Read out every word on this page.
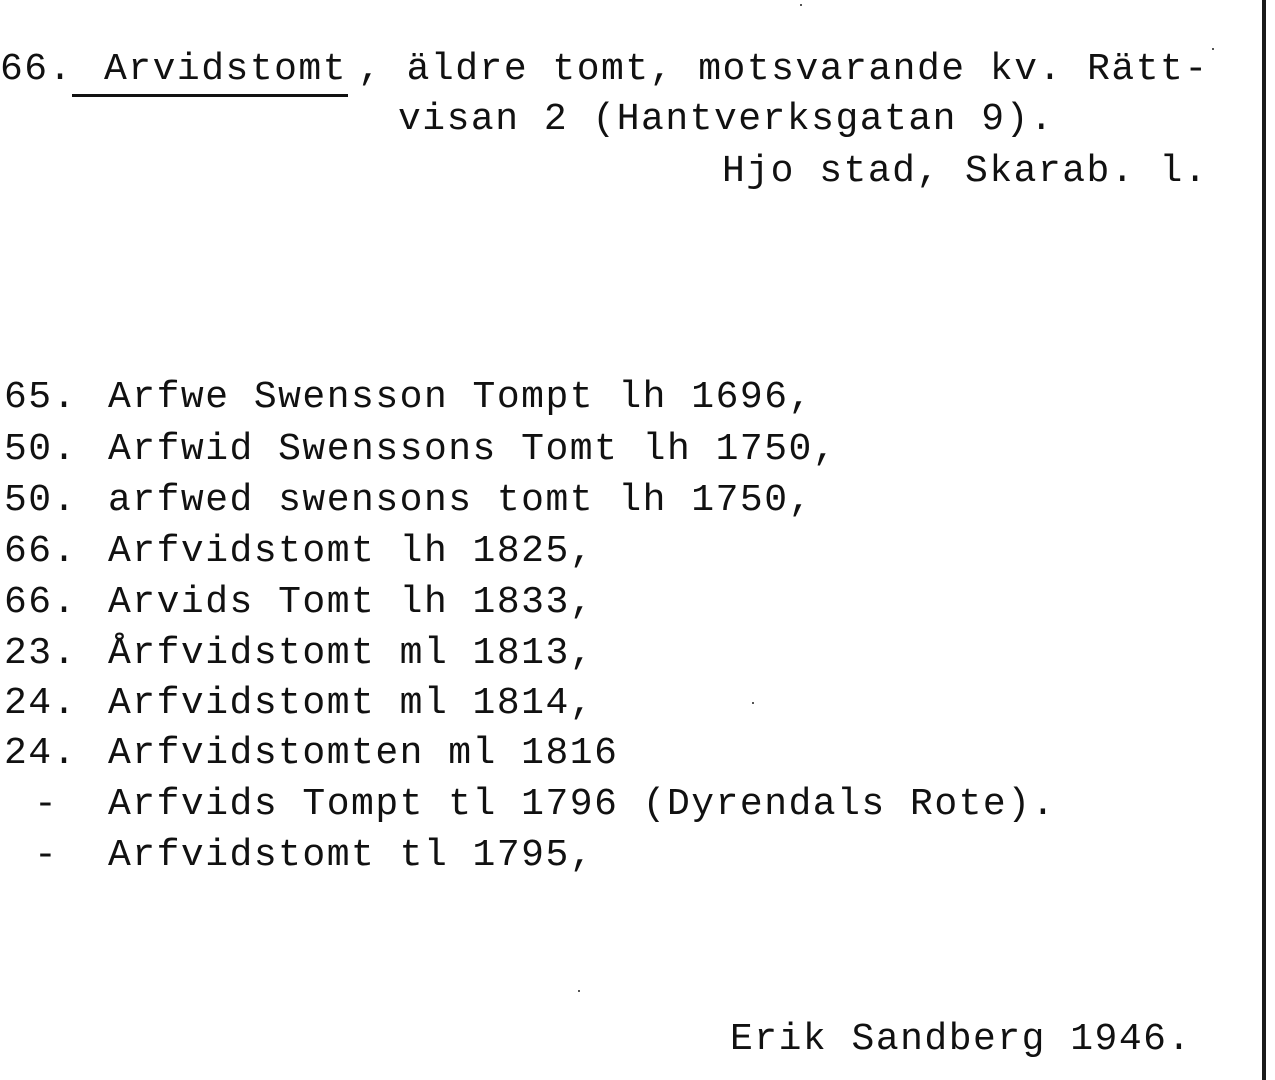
66. Arvidstomt , äldre tomt, motsvarande kv. Rätt-
visan 2 (Hantverksgatan 9).
Hjo stad, Skarab. l.
65. Arfwe Swensson Tompt lh 1696,
50. Arfwid Swenssons Tomt lh 1750,
50. arfwed swensons tomt lh 1750,
66. Arfvidstomt lh 1825,
66. Arvids Tomt lh 1833,
23. Årfvidstomt ml 1813,
24. Arfvidstomt ml 1814,
24. Arfvidstomten ml 1816
- Arfvids Tompt tl 1796 (Dyrendals Rote).
- Arfvidstomt tl 1795,
Erik Sandberg 1946.
